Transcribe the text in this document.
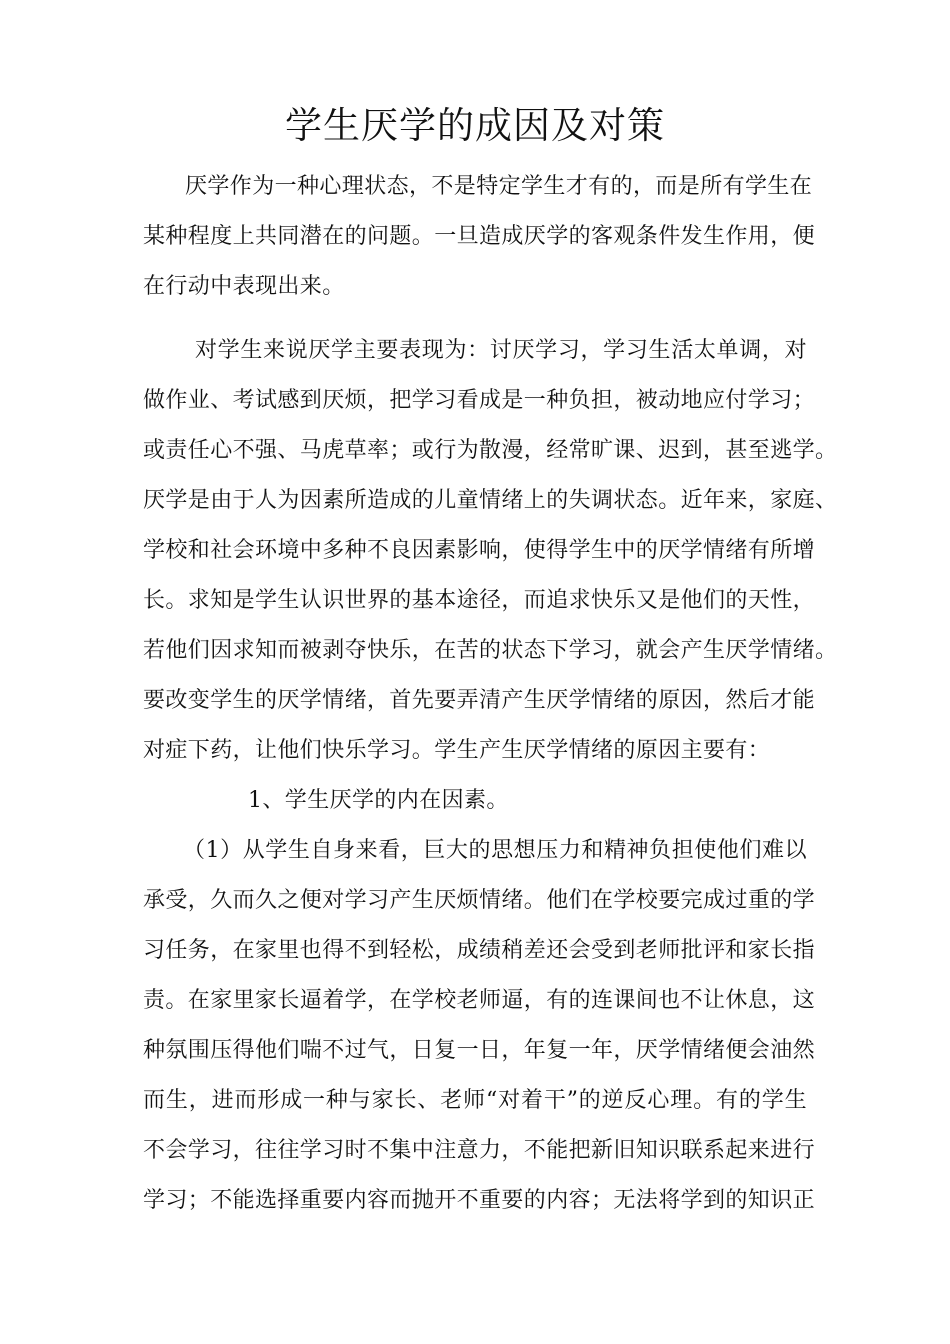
学生厌学的成因及对策
厌学作为一种心理状态，不是特定学生才有的，而是所有学生在
某种程度上共同潜在的问题。一旦造成厌学的客观条件发生作用，便
在行动中表现出来。
对学生来说厌学主要表现为：讨厌学习，学习生活太单调，对
做作业、考试感到厌烦，把学习看成是一种负担，被动地应付学习；
或责任心不强、马虎草率；或行为散漫，经常旷课、迟到，甚至逃学。
厌学是由于人为因素所造成的儿童情绪上的失调状态。近年来，家庭、
学校和社会环境中多种不良因素影响，使得学生中的厌学情绪有所增
长。求知是学生认识世界的基本途径，而追求快乐又是他们的天性，
若他们因求知而被剥夺快乐，在苦的状态下学习，就会产生厌学情绪。
要改变学生的厌学情绪，首先要弄清产生厌学情绪的原因，然后才能
对症下药，让他们快乐学习。学生产生厌学情绪的原因主要有：
1、学生厌学的内在因素。
（1）从学生自身来看，巨大的思想压力和精神负担使他们难以
承受，久而久之便对学习产生厌烦情绪。他们在学校要完成过重的学
习任务，在家里也得不到轻松，成绩稍差还会受到老师批评和家长指
责。在家里家长逼着学，在学校老师逼，有的连课间也不让休息，这
种氛围压得他们喘不过气，日复一日，年复一年，厌学情绪便会油然
而生，进而形成一种与家长、老师“对着干”的逆反心理。有的学生
不会学习，往往学习时不集中注意力，不能把新旧知识联系起来进行
学习；不能选择重要内容而抛开不重要的内容；无法将学到的知识正
